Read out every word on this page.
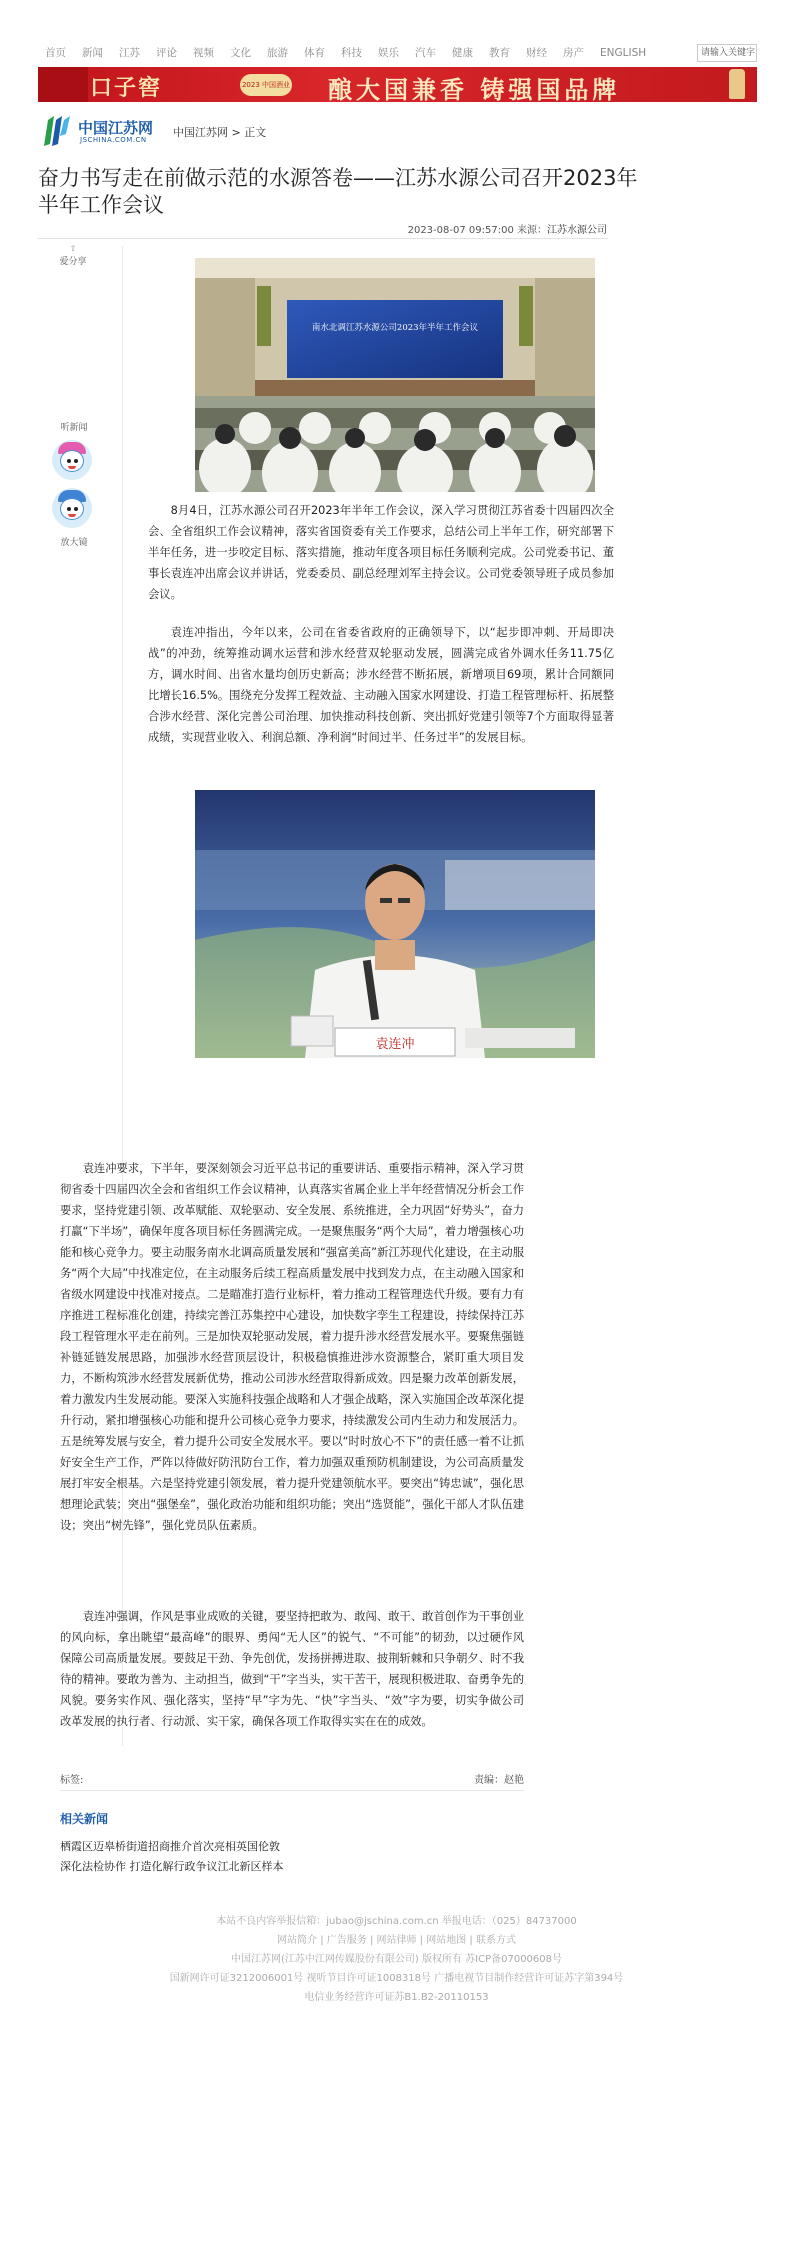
首页 新闻 江苏 评论 视频 文化 旅游 体育 科技 娱乐 汽车 健康 教育 财经 房产 ENGLISH	请输入关键字
口子窖	2023 中国酒业 酿大国兼香 铸强国品牌
中国江苏网
JSCHINA.COM.CN
中国江苏网 > 正文
奋力书写走在前做示范的水源答卷——江苏水源公司召开2023年半年工作会议
2023-08-07 09:57:00 来源：江苏水源公司
⇧
爱分享
听新闻
放大镜
南水北调江苏水源公司2023年半年工作会议
8月4日，江苏水源公司召开2023年半年工作会议，深入学习贯彻江苏省委十四届四次全会、全省组织工作会议精神，落实省国资委有关工作要求，总结公司上半年工作，研究部署下半年任务，进一步咬定目标、落实措施，推动年度各项目标任务顺利完成。公司党委书记、董事长袁连冲出席会议并讲话，党委委员、副总经理刘军主持会议。公司党委领导班子成员参加会议。
袁连冲指出，今年以来，公司在省委省政府的正确领导下，以“起步即冲刺、开局即决战”的冲劲，统筹推动调水运营和涉水经营双轮驱动发展，圆满完成省外调水任务11.75亿方，调水时间、出省水量均创历史新高；涉水经营不断拓展，新增项目69项，累计合同额同比增长16.5%。围绕充分发挥工程效益、主动融入国家水网建设、打造工程管理标杆、拓展整合涉水经营、深化完善公司治理、加快推动科技创新、突出抓好党建引领等7个方面取得显著成绩，实现营业收入、利润总额、净利润“时间过半、任务过半”的发展目标。
袁连冲
袁连冲要求，下半年，要深刻领会习近平总书记的重要讲话、重要指示精神，深入学习贯彻省委十四届四次全会和省组织工作会议精神，认真落实省属企业上半年经营情况分析会工作要求，坚持党建引领、改革赋能、双轮驱动、安全发展、系统推进，全力巩固“好势头”，奋力打赢“下半场”，确保年度各项目标任务圆满完成。一是聚焦服务“两个大局”，着力增强核心功能和核心竞争力。要主动服务南水北调高质量发展和“强富美高”新江苏现代化建设，在主动服务“两个大局”中找准定位，在主动服务后续工程高质量发展中找到发力点，在主动融入国家和省级水网建设中找准对接点。二是瞄准打造行业标杆，着力推动工程管理迭代升级。要有力有序推进工程标准化创建，持续完善江苏集控中心建设，加快数字孪生工程建设，持续保持江苏段工程管理水平走在前列。三是加快双轮驱动发展，着力提升涉水经营发展水平。要聚焦强链补链延链发展思路，加强涉水经营顶层设计，积极稳慎推进涉水资源整合，紧盯重大项目发力，不断构筑涉水经营发展新优势，推动公司涉水经营取得新成效。四是聚力改革创新发展，着力激发内生发展动能。要深入实施科技强企战略和人才强企战略，深入实施国企改革深化提升行动，紧扣增强核心功能和提升公司核心竞争力要求，持续激发公司内生动力和发展活力。五是统筹发展与安全，着力提升公司安全发展水平。要以“时时放心不下”的责任感一着不让抓好安全生产工作，严阵以待做好防汛防台工作，着力加强双重预防机制建设，为公司高质量发展打牢安全根基。六是坚持党建引领发展，着力提升党建领航水平。要突出“铸忠诚”，强化思想理论武装；突出“强堡垒”，强化政治功能和组织功能；突出“选贤能”，强化干部人才队伍建设；突出“树先锋”，强化党员队伍素质。
袁连冲强调，作风是事业成败的关键，要坚持把敢为、敢闯、敢干、敢首创作为干事创业的风向标，拿出眺望“最高峰”的眼界、勇闯“无人区”的锐气、“不可能”的韧劲，以过硬作风保障公司高质量发展。要鼓足干劲、争先创优，发扬拼搏进取、披荆斩棘和只争朝夕、时不我待的精神。要敢为善为、主动担当，做到“干”字当头，实干苦干，展现积极进取、奋勇争先的风貌。要务实作风、强化落实，坚持“早”字为先、“快”字当头、“效”字为要，切实争做公司改革发展的执行者、行动派、实干家，确保各项工作取得实实在在的成效。
标签:	责编：赵艳
相关新闻
栖霞区迈皋桥街道招商推介首次亮相英国伦敦
深化法检协作 打造化解行政争议江北新区样本
本站不良内容举报信箱：jubao@jschina.com.cn 举报电话：（025）84737000
网站简介 | 广告服务 | 网站律师 | 网站地图 | 联系方式
中国江苏网(江苏中江网传媒股份有限公司) 版权所有 苏ICP备07000608号
国新网许可证3212006001号 视听节目许可证1008318号 广播电视节目制作经营许可证苏字第394号
电信业务经营许可证苏B1.B2-20110153
